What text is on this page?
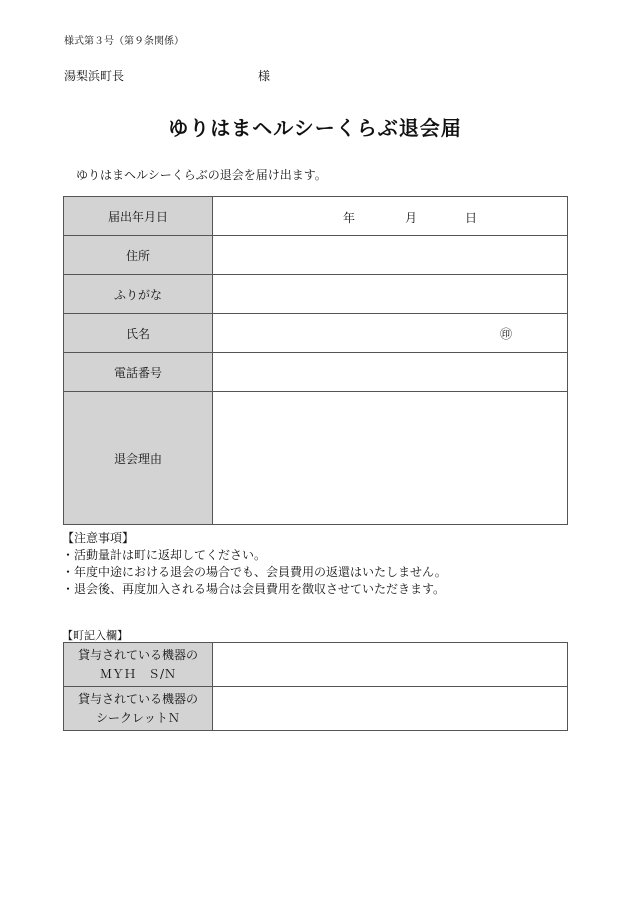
様式第３号（第９条関係）
湯梨浜町長	様
ゆりはまヘルシーくらぶ退会届
ゆりはまヘルシーくらぶの退会を届け出ます。
届出年月日	年 月 日

住所	
ふりがな	
氏名	㊞

電話番号	
退会理由	
【注意事項】
・活動量計は町に返却してください。
・年度中途における退会の場合でも、会員費用の返還はいたしません。
・退会後、再度加入される場合は会員費用を徴収させていただきます。
【町記入欄】
貸与されている機器の
ＭＹＨ　Ｓ/Ｎ	

貸与されている機器の
シークレットＮ	
